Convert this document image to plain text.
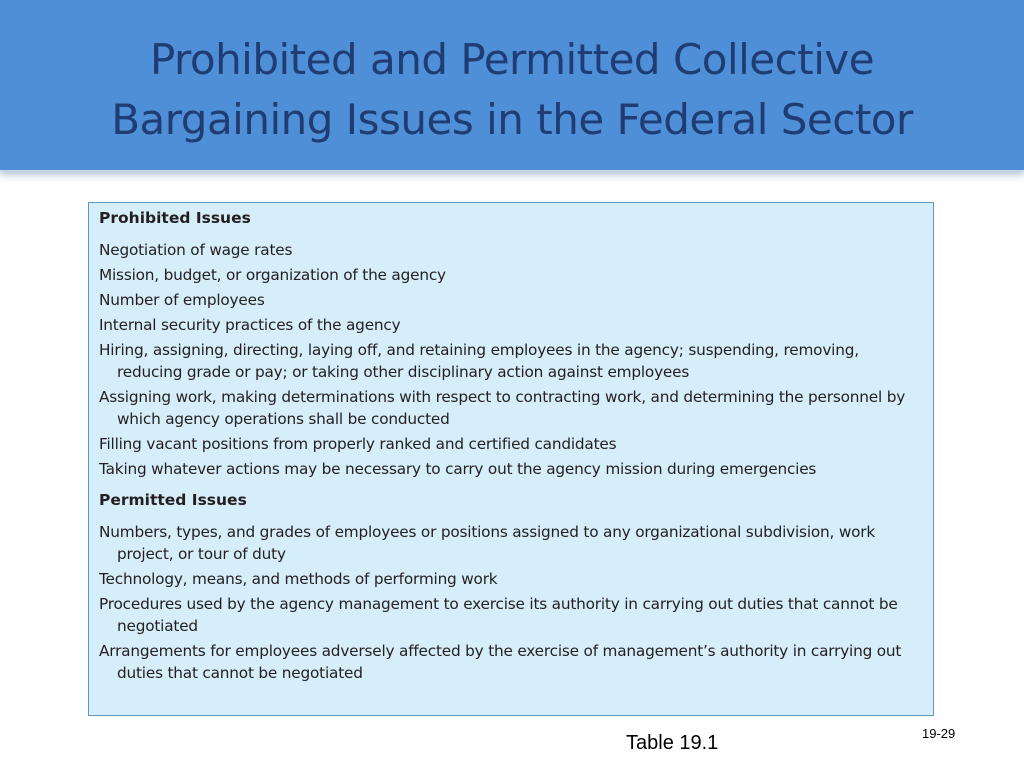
Prohibited and Permitted Collective
Bargaining Issues in the Federal Sector
Prohibited Issues
Negotiation of wage rates
Mission, budget, or organization of the agency
Number of employees
Internal security practices of the agency
Hiring, assigning, directing, laying off, and retaining employees in the agency; suspending, removing, reducing grade or pay; or taking other disciplinary action against employees
Assigning work, making determinations with respect to contracting work, and determining the personnel by which agency operations shall be conducted
Filling vacant positions from properly ranked and certified candidates
Taking whatever actions may be necessary to carry out the agency mission during emergencies
Permitted Issues
Numbers, types, and grades of employees or positions assigned to any organizational subdivision, work project, or tour of duty
Technology, means, and methods of performing work
Procedures used by the agency management to exercise its authority in carrying out duties that cannot be negotiated
Arrangements for employees adversely affected by the exercise of management’s authority in carrying out duties that cannot be negotiated
Table 19.1	19-29
